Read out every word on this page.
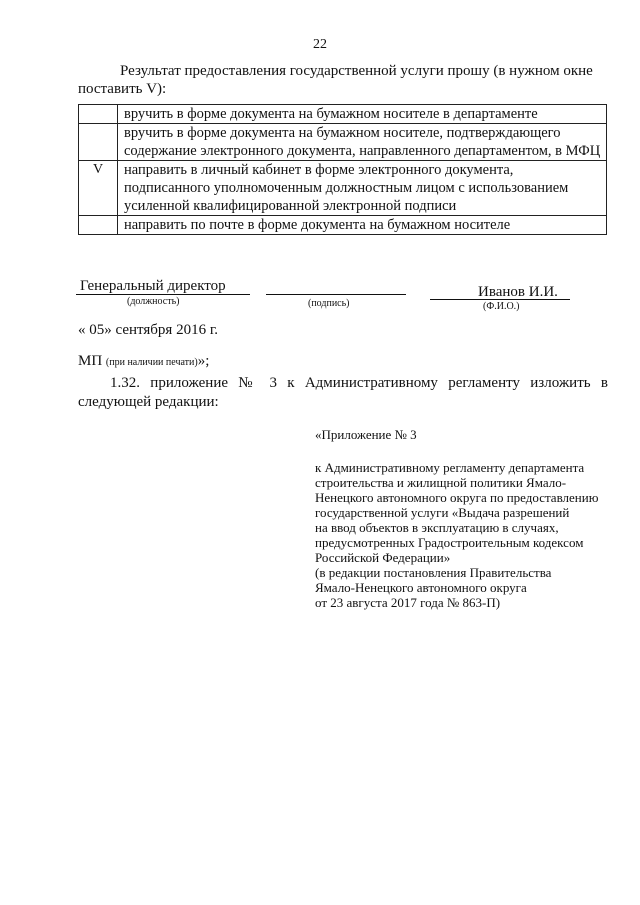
22
Результат предоставления государственной услуги прошу (в нужном окне
поставить V):
	вручить в форме документа на бумажном носителе в департаменте
	вручить в форме документа на бумажном носителе, подтверждающего содержание электронного документа, направленного департаментом, в МФЦ
V	направить в личный кабинет в форме электронного документа, подписанного уполномоченным должностным лицом с использованием усиленной квалифицированной электронной подписи
	направить по почте в форме документа на бумажном носителе
Генеральный директор
(должность)	(подпись)
Иванов И.И.
(Ф.И.О.)
« 05» сентября 2016 г.
МП (при наличии печати)»;
1.32. приложение № 3 к Административному регламенту изложить в
следующей редакции:
«Приложение № 3
к Административному регламенту департамента
строительства и жилищной политики Ямало-
Ненецкого автономного округа по предоставлению
государственной услуги «Выдача разрешений
на ввод объектов в эксплуатацию в случаях,
предусмотренных Градостроительным кодексом
Российской Федерации»
(в редакции постановления Правительства
Ямало-Ненецкого автономного округа
от 23 августа 2017 года № 863-П)
